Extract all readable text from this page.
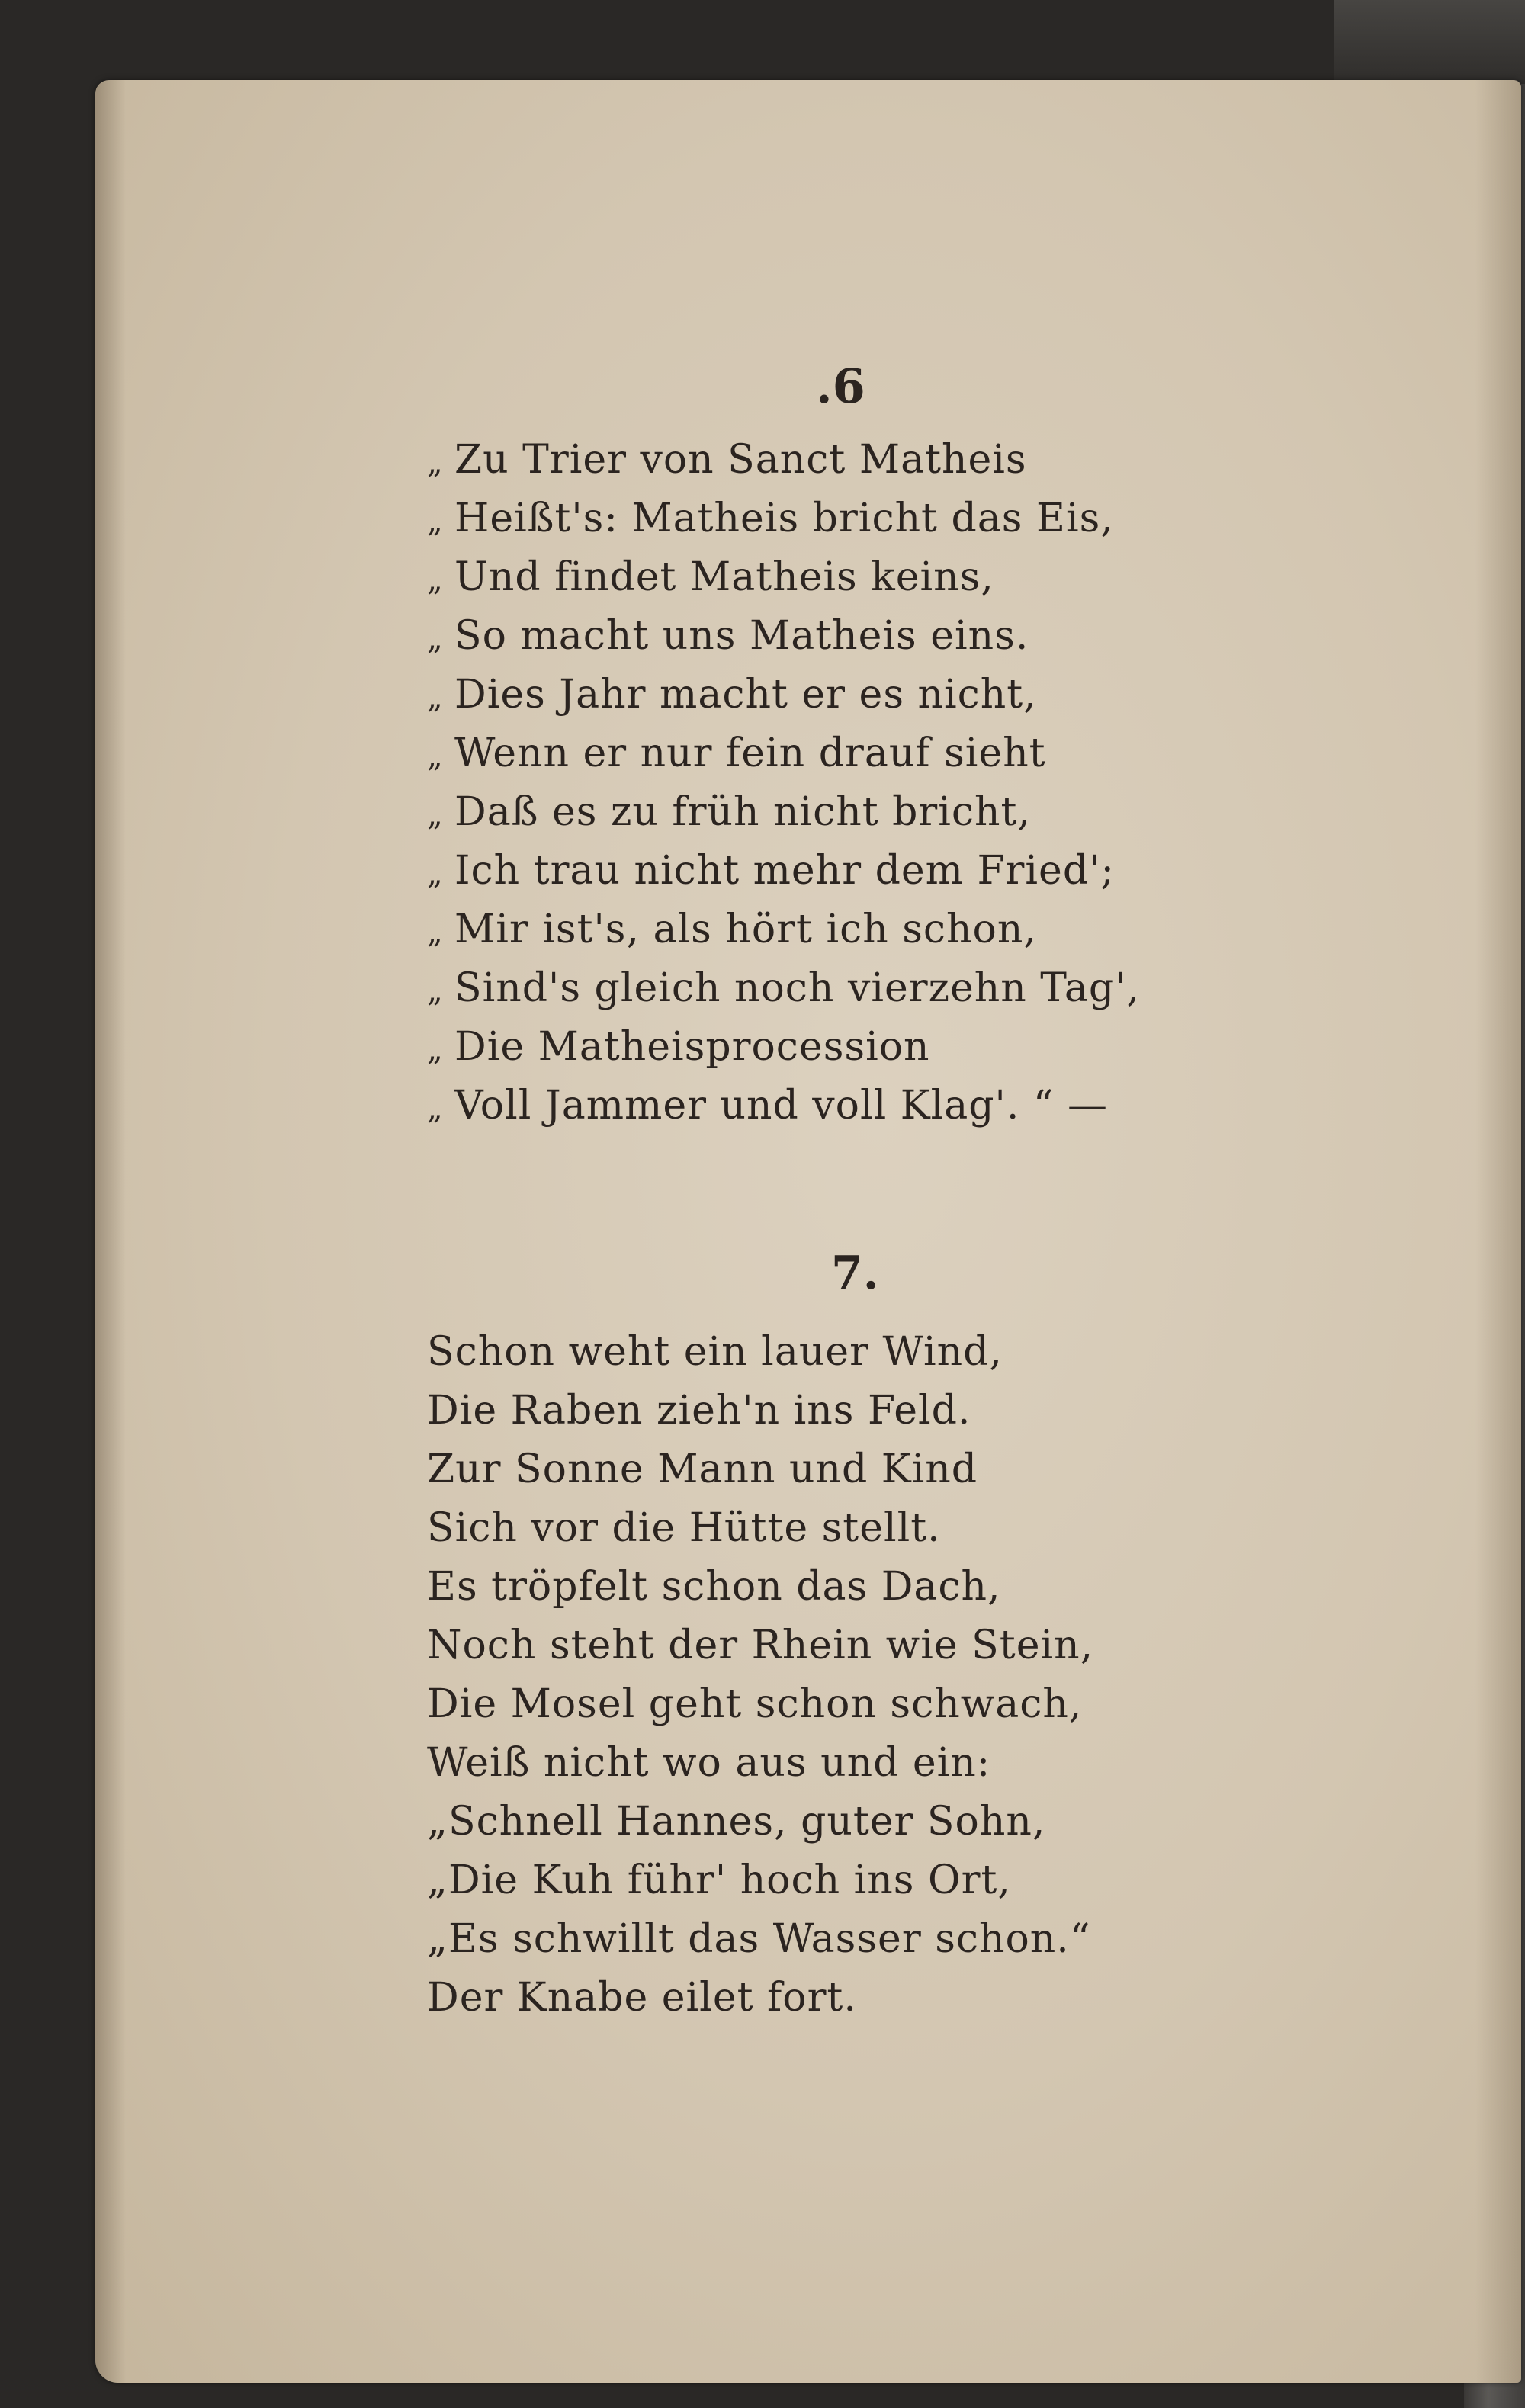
.6
„ Zu Trier von Sanct Matheis
„ Heißt's: Matheis bricht das Eis,
„ Und findet Matheis keins,
„ So macht uns Matheis eins.
„ Dies Jahr macht er es nicht,
„ Wenn er nur fein drauf sieht
„ Daß es zu früh nicht bricht,
„ Ich trau nicht mehr dem Fried';
„ Mir ist's, als hört ich schon,
„ Sind's gleich noch vierzehn Tag',
„ Die Matheisprocession
„ Voll Jammer und voll Klag'. “ —
7.
Schon weht ein lauer Wind,
Die Raben zieh'n ins Feld.
Zur Sonne Mann und Kind
Sich vor die Hütte stellt.
Es tröpfelt schon das Dach,
Noch steht der Rhein wie Stein,
Die Mosel geht schon schwach,
Weiß nicht wo aus und ein:
„Schnell Hannes, guter Sohn,
„Die Kuh führ' hoch ins Ort,
„Es schwillt das Wasser schon.“
Der Knabe eilet fort.
